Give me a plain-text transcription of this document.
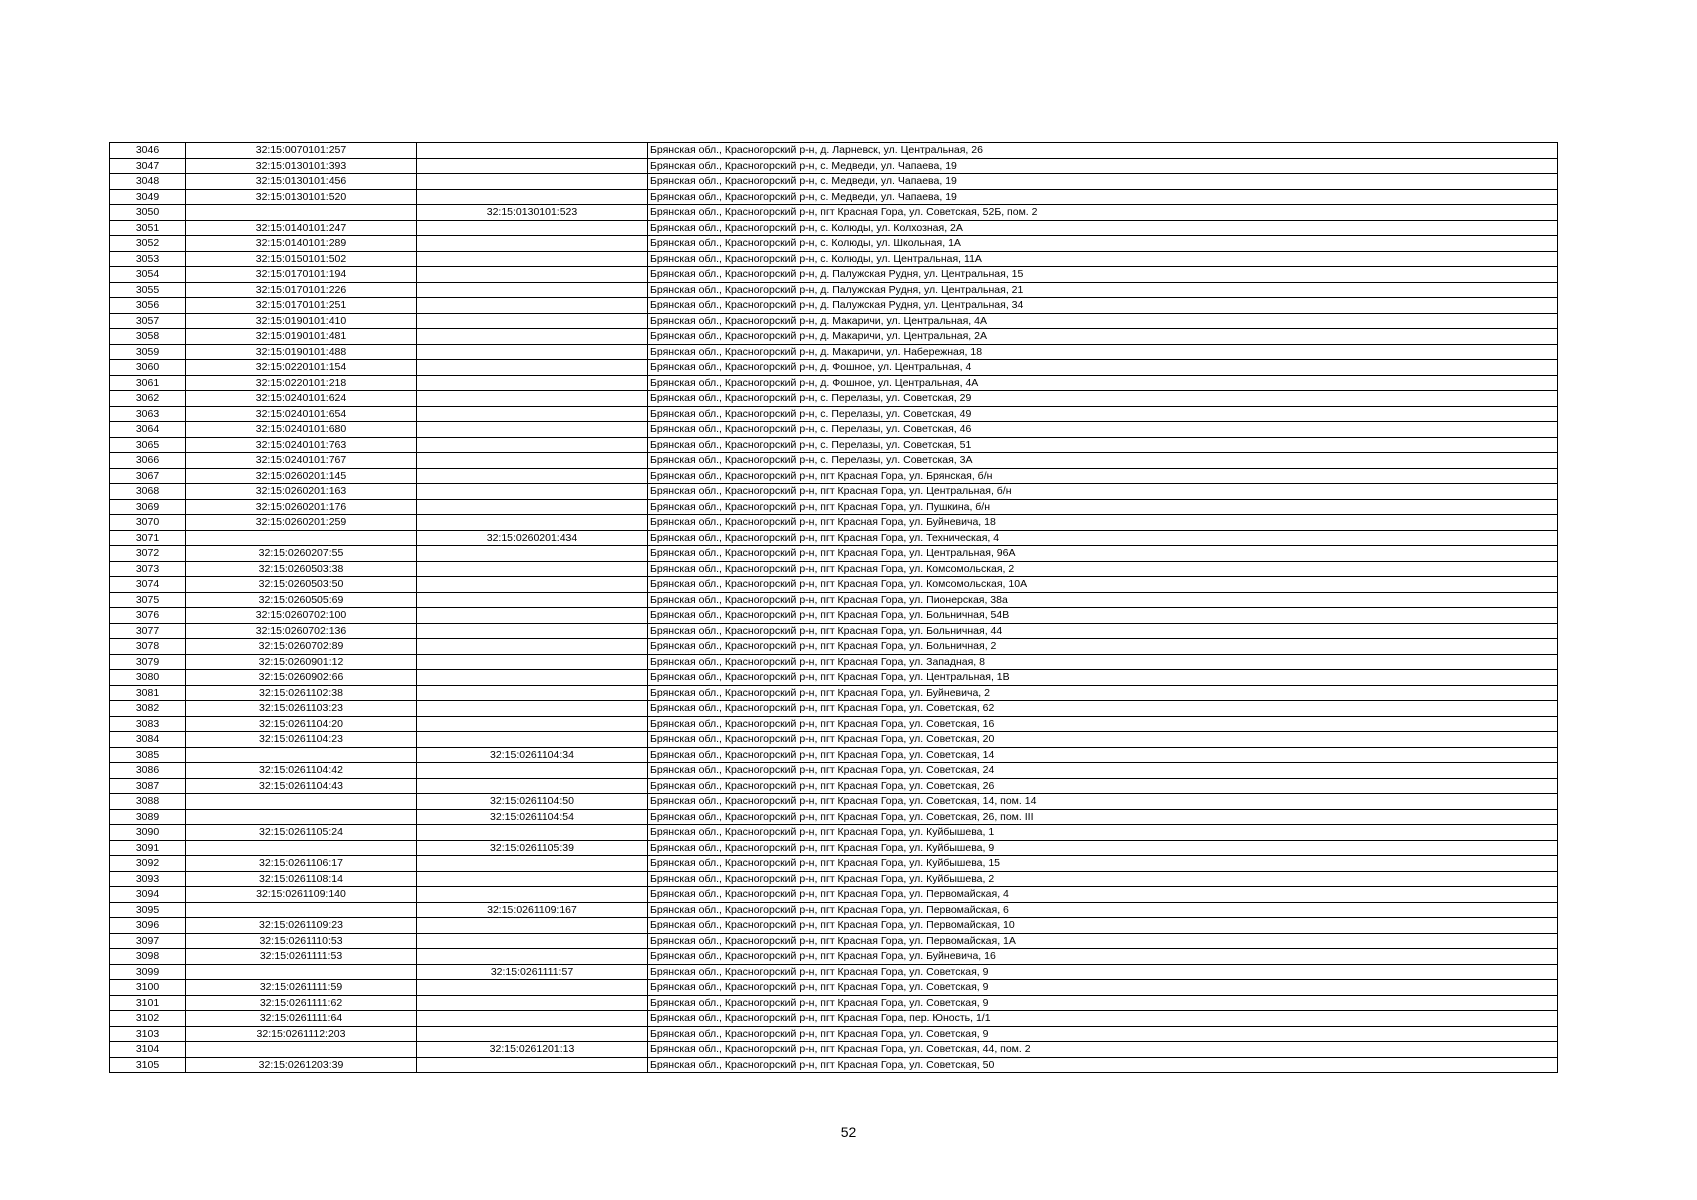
3046	32:15:0070101:257		Брянская обл., Красногорский р-н, д. Ларневск, ул. Центральная, 26
3047	32:15:0130101:393		Брянская обл., Красногорский р-н, с. Медведи, ул. Чапаева, 19
3048	32:15:0130101:456		Брянская обл., Красногорский р-н, с. Медведи, ул. Чапаева, 19
3049	32:15:0130101:520		Брянская обл., Красногорский р-н, с. Медведи, ул. Чапаева, 19
3050		32:15:0130101:523	Брянская обл., Красногорский р-н, пгт Красная Гора, ул. Советская, 52Б, пом. 2
3051	32:15:0140101:247		Брянская обл., Красногорский р-н, с. Колюды, ул. Колхозная, 2А
3052	32:15:0140101:289		Брянская обл., Красногорский р-н, с. Колюды, ул. Школьная, 1А
3053	32:15:0150101:502		Брянская обл., Красногорский р-н, с. Колюды, ул. Центральная, 11А
3054	32:15:0170101:194		Брянская обл., Красногорский р-н, д. Палужская Рудня, ул. Центральная, 15
3055	32:15:0170101:226		Брянская обл., Красногорский р-н, д. Палужская Рудня, ул. Центральная, 21
3056	32:15:0170101:251		Брянская обл., Красногорский р-н, д. Палужская Рудня, ул. Центральная, 34
3057	32:15:0190101:410		Брянская обл., Красногорский р-н, д. Макаричи, ул. Центральная, 4А
3058	32:15:0190101:481		Брянская обл., Красногорский р-н, д. Макаричи, ул. Центральная, 2А
3059	32:15:0190101:488		Брянская обл., Красногорский р-н, д. Макаричи, ул. Набережная, 18
3060	32:15:0220101:154		Брянская обл., Красногорский р-н, д. Фошное, ул. Центральная, 4
3061	32:15:0220101:218		Брянская обл., Красногорский р-н, д. Фошное, ул. Центральная, 4А
3062	32:15:0240101:624		Брянская обл., Красногорский р-н, с. Перелазы, ул. Советская, 29
3063	32:15:0240101:654		Брянская обл., Красногорский р-н, с. Перелазы, ул. Советская, 49
3064	32:15:0240101:680		Брянская обл., Красногорский р-н, с. Перелазы, ул. Советская, 46
3065	32:15:0240101:763		Брянская обл., Красногорский р-н, с. Перелазы, ул. Советская, 51
3066	32:15:0240101:767		Брянская обл., Красногорский р-н, с. Перелазы, ул. Советская, 3А
3067	32:15:0260201:145		Брянская обл., Красногорский р-н, пгт Красная Гора, ул. Брянская, б/н
3068	32:15:0260201:163		Брянская обл., Красногорский р-н, пгт Красная Гора, ул. Центральная, б/н
3069	32:15:0260201:176		Брянская обл., Красногорский р-н, пгт Красная Гора, ул. Пушкина, б/н
3070	32:15:0260201:259		Брянская обл., Красногорский р-н, пгт Красная Гора, ул. Буйневича, 18
3071		32:15:0260201:434	Брянская обл., Красногорский р-н, пгт Красная Гора, ул. Техническая, 4
3072	32:15:0260207:55		Брянская обл., Красногорский р-н, пгт Красная Гора, ул. Центральная, 96А
3073	32:15:0260503:38		Брянская обл., Красногорский р-н, пгт Красная Гора, ул. Комсомольская, 2
3074	32:15:0260503:50		Брянская обл., Красногорский р-н, пгт Красная Гора, ул. Комсомольская, 10А
3075	32:15:0260505:69		Брянская обл., Красногорский р-н, пгт Красная Гора, ул. Пионерская, 38а
3076	32:15:0260702:100		Брянская обл., Красногорский р-н, пгт Красная Гора, ул. Больничная, 54В
3077	32:15:0260702:136		Брянская обл., Красногорский р-н, пгт Красная Гора, ул. Больничная, 44
3078	32:15:0260702:89		Брянская обл., Красногорский р-н, пгт Красная Гора, ул. Больничная, 2
3079	32:15:0260901:12		Брянская обл., Красногорский р-н, пгт Красная Гора, ул. Западная, 8
3080	32:15:0260902:66		Брянская обл., Красногорский р-н, пгт Красная Гора, ул. Центральная, 1В
3081	32:15:0261102:38		Брянская обл., Красногорский р-н, пгт Красная Гора, ул. Буйневича, 2
3082	32:15:0261103:23		Брянская обл., Красногорский р-н, пгт Красная Гора, ул. Советская, 62
3083	32:15:0261104:20		Брянская обл., Красногорский р-н, пгт Красная Гора, ул. Советская, 16
3084	32:15:0261104:23		Брянская обл., Красногорский р-н, пгт Красная Гора, ул. Советская, 20
3085		32:15:0261104:34	Брянская обл., Красногорский р-н, пгт Красная Гора, ул. Советская, 14
3086	32:15:0261104:42		Брянская обл., Красногорский р-н, пгт Красная Гора, ул. Советская, 24
3087	32:15:0261104:43		Брянская обл., Красногорский р-н, пгт Красная Гора, ул. Советская, 26
3088		32:15:0261104:50	Брянская обл., Красногорский р-н, пгт Красная Гора, ул. Советская, 14, пом. 14
3089		32:15:0261104:54	Брянская обл., Красногорский р-н, пгт Красная Гора, ул. Советская, 26, пом. III
3090	32:15:0261105:24		Брянская обл., Красногорский р-н, пгт Красная Гора, ул. Куйбышева, 1
3091		32:15:0261105:39	Брянская обл., Красногорский р-н, пгт Красная Гора, ул. Куйбышева, 9
3092	32:15:0261106:17		Брянская обл., Красногорский р-н, пгт Красная Гора, ул. Куйбышева, 15
3093	32:15:0261108:14		Брянская обл., Красногорский р-н, пгт Красная Гора, ул. Куйбышева, 2
3094	32:15:0261109:140		Брянская обл., Красногорский р-н, пгт Красная Гора, ул. Первомайская, 4
3095		32:15:0261109:167	Брянская обл., Красногорский р-н, пгт Красная Гора, ул. Первомайская, 6
3096	32:15:0261109:23		Брянская обл., Красногорский р-н, пгт Красная Гора, ул. Первомайская, 10
3097	32:15:0261110:53		Брянская обл., Красногорский р-н, пгт Красная Гора, ул. Первомайская, 1А
3098	32:15:0261111:53		Брянская обл., Красногорский р-н, пгт Красная Гора, ул. Буйневича, 16
3099		32:15:0261111:57	Брянская обл., Красногорский р-н, пгт Красная Гора, ул. Советская, 9
3100	32:15:0261111:59		Брянская обл., Красногорский р-н, пгт Красная Гора, ул. Советская, 9
3101	32:15:0261111:62		Брянская обл., Красногорский р-н, пгт Красная Гора, ул. Советская, 9
3102	32:15:0261111:64		Брянская обл., Красногорский р-н, пгт Красная Гора, пер. Юность, 1/1
3103	32:15:0261112:203		Брянская обл., Красногорский р-н, пгт Красная Гора, ул. Советская, 9
3104		32:15:0261201:13	Брянская обл., Красногорский р-н, пгт Красная Гора, ул. Советская, 44, пом. 2
3105	32:15:0261203:39		Брянская обл., Красногорский р-н, пгт Красная Гора, ул. Советская, 50
52
